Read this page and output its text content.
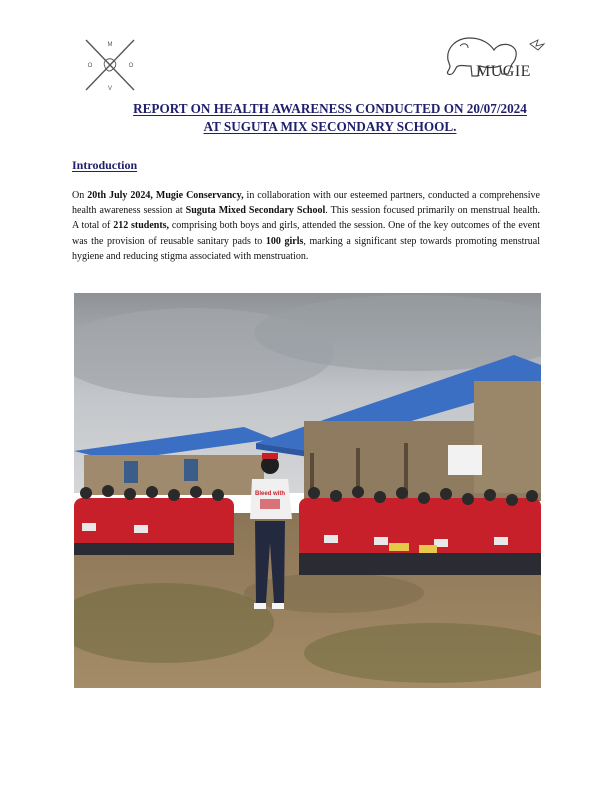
M
O	O
V
MUGIE
REPORT ON HEALTH AWARENESS CONDUCTED ON 20/07/2024
AT SUGUTA MIX SECONDARY SCHOOL.
Introduction
On 20th July 2024, Mugie Conservancy, in collaboration with our esteemed partners, conducted a comprehensive health awareness session at Suguta Mixed Secondary School. This session focused primarily on menstrual health. A total of 212 students, comprising both boys and girls, attended the session. One of the key outcomes of the event was the provision of reusable sanitary pads to 100 girls, marking a significant step towards promoting menstrual hygiene and reducing stigma associated with menstruation.
Bleed with
